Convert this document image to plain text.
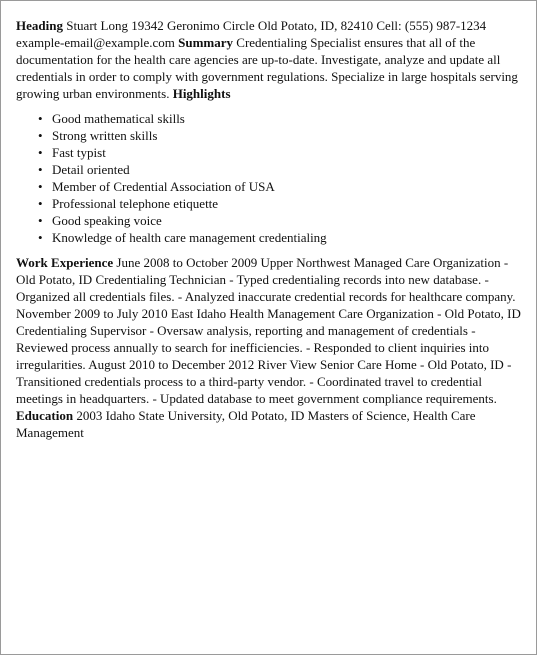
Heading Stuart Long 19342 Geronimo Circle Old Potato, ID, 82410 Cell: (555) 987-1234 example-email@example.com Summary Credentialing Specialist ensures that all of the documentation for the health care agencies are up-to-date. Investigate, analyze and update all credentials in order to comply with government regulations. Specialize in large hospitals serving growing urban environments. Highlights

• Good mathematical skills
• Strong written skills
• Fast typist
• Detail oriented
• Member of Credential Association of USA
• Professional telephone etiquette
• Good speaking voice
• Knowledge of health care management credentialing

Work Experience June 2008 to October 2009 Upper Northwest Managed Care Organization - Old Potato, ID Credentialing Technician - Typed credentialing records into new database. - Organized all credentials files. - Analyzed inaccurate credential records for healthcare company. November 2009 to July 2010 East Idaho Health Management Care Organization - Old Potato, ID Credentialing Supervisor - Oversaw analysis, reporting and management of credentials - Reviewed process annually to search for inefficiencies. - Responded to client inquiries into irregularities. August 2010 to December 2012 River View Senior Care Home - Old Potato, ID - Transitioned credentials process to a third-party vendor. - Coordinated travel to credential meetings in headquarters. - Updated database to meet government compliance requirements. Education 2003 Idaho State University, Old Potato, ID Masters of Science, Health Care Management
